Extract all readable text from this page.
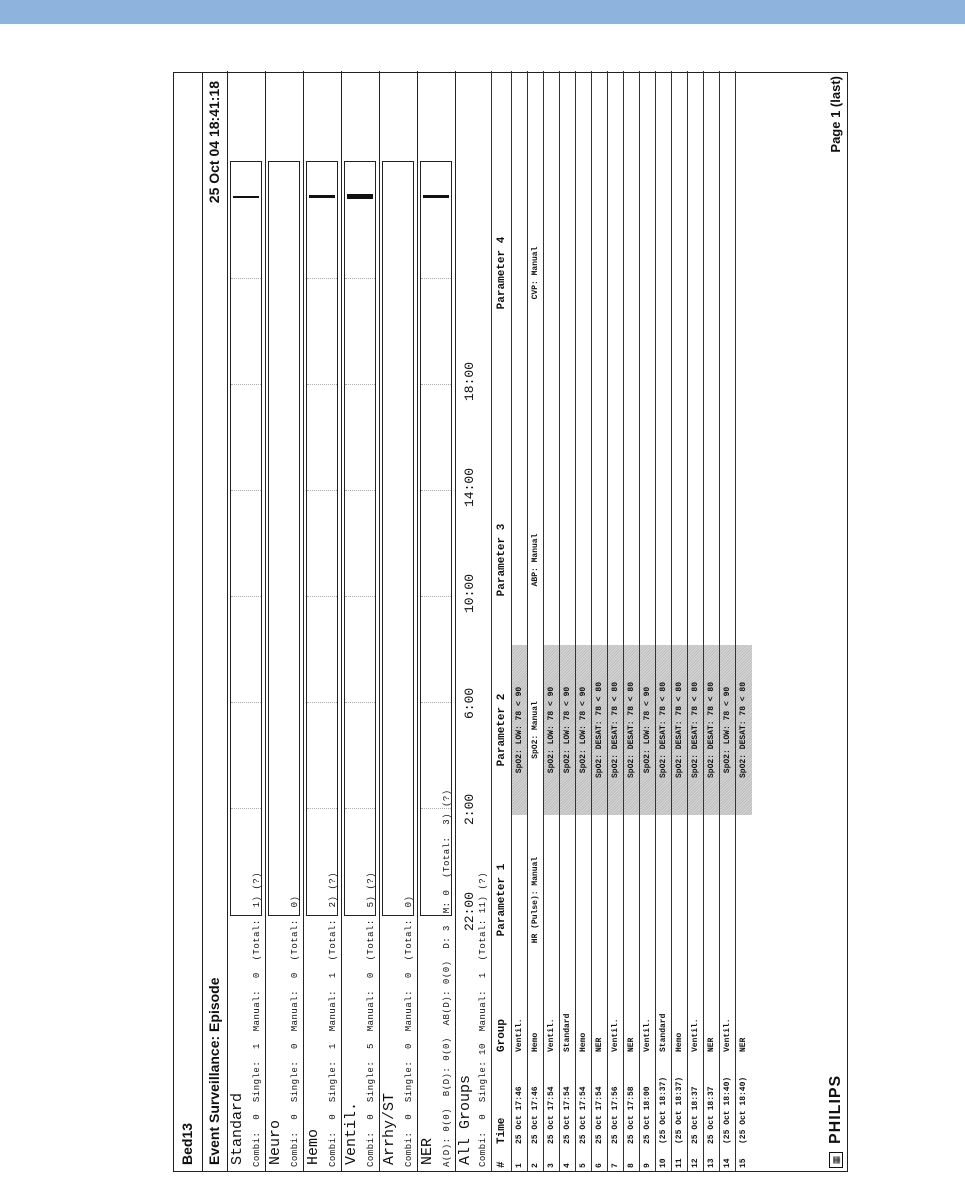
Bed13 Event Surveillance: Episode
25 Oct 04 18:41:18
Standard Combi:  0  Single:  1  Manual:  0  (Total:  1) (?) Neuro Combi:  0  Single:  0  Manual:  0  (Total:  0) Hemo Combi:  0  Single:  1  Manual:  1  (Total:  2) (?) Ventil. Combi:  0  Single:  5  Manual:  0  (Total:  5) (?) Arrhy/ST Combi:  0  Single:  0  Manual:  0  (Total:  0) NER A(D): 0(0)  B(D): 0(0)  AB(D): 0(0)  D: 3  M: 0  (Total:  3) (?) All Groups Combi:  0  Single: 10  Manual:  1  (Total: 11) (?)
22:00
2:00
6:00
10:00
14:00
18:00
#	Time	Group	Parameter 1	Parameter 2	Parameter 3	Parameter 4
1	25 Oct 17:46	Ventil.		SpO2: LOW: 78 < 90		
2	25 Oct 17:46	Hemo	HR (Pulse): Manual	SpO2: Manual	ABP: Manual	CVP: Manual
3	25 Oct 17:54	Ventil.		SpO2: LOW: 78 < 90		
4	25 Oct 17:54	Standard		SpO2: LOW: 78 < 90		
5	25 Oct 17:54	Hemo		SpO2: LOW: 78 < 90		
6	25 Oct 17:54	NER		SpO2: DESAT: 78 < 80		
7	25 Oct 17:56	Ventil.		SpO2: DESAT: 78 < 80		
8	25 Oct 17:58	NER		SpO2: DESAT: 78 < 80		
9	25 Oct 18:00	Ventil.		SpO2: LOW: 78 < 90		
10	(25 Oct 18:37)	Standard		SpO2: DESAT: 78 < 80		
11	(25 Oct 18:37)	Hemo		SpO2: DESAT: 78 < 80		
12	25 Oct 18:37	Ventil.		SpO2: DESAT: 78 < 80		
13	25 Oct 18:37	NER		SpO2: DESAT: 78 < 80		
14	(25 Oct 18:40)	Ventil.		SpO2: LOW: 78 < 90		
15	(25 Oct 18:40)	NER		SpO2: DESAT: 78 < 80		
▦
PHILIPS
Page 1 (last)
